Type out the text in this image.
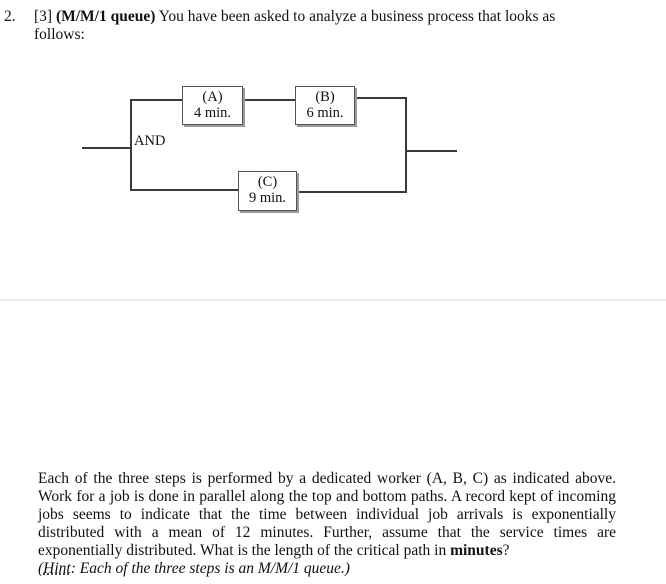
2. [3] (M/M/1 queue) You have been asked to analyze a business process that looks as
follows:
AND
(A)
4 min.
(B)
6 min.
(C)
9 min.
Each of the three steps is performed by a dedicated worker (A, B, C) as indicated above. Work for a job is done in parallel along the top and bottom paths. A record kept of incoming jobs seems to indicate that the time between individual job arrivals is exponentially distributed with a mean of 12 minutes. Further, assume that the service times are exponentially distributed. What is the length of the critical path in minutes?
(Hint: Each of the three steps is an M/M/1 queue.)
